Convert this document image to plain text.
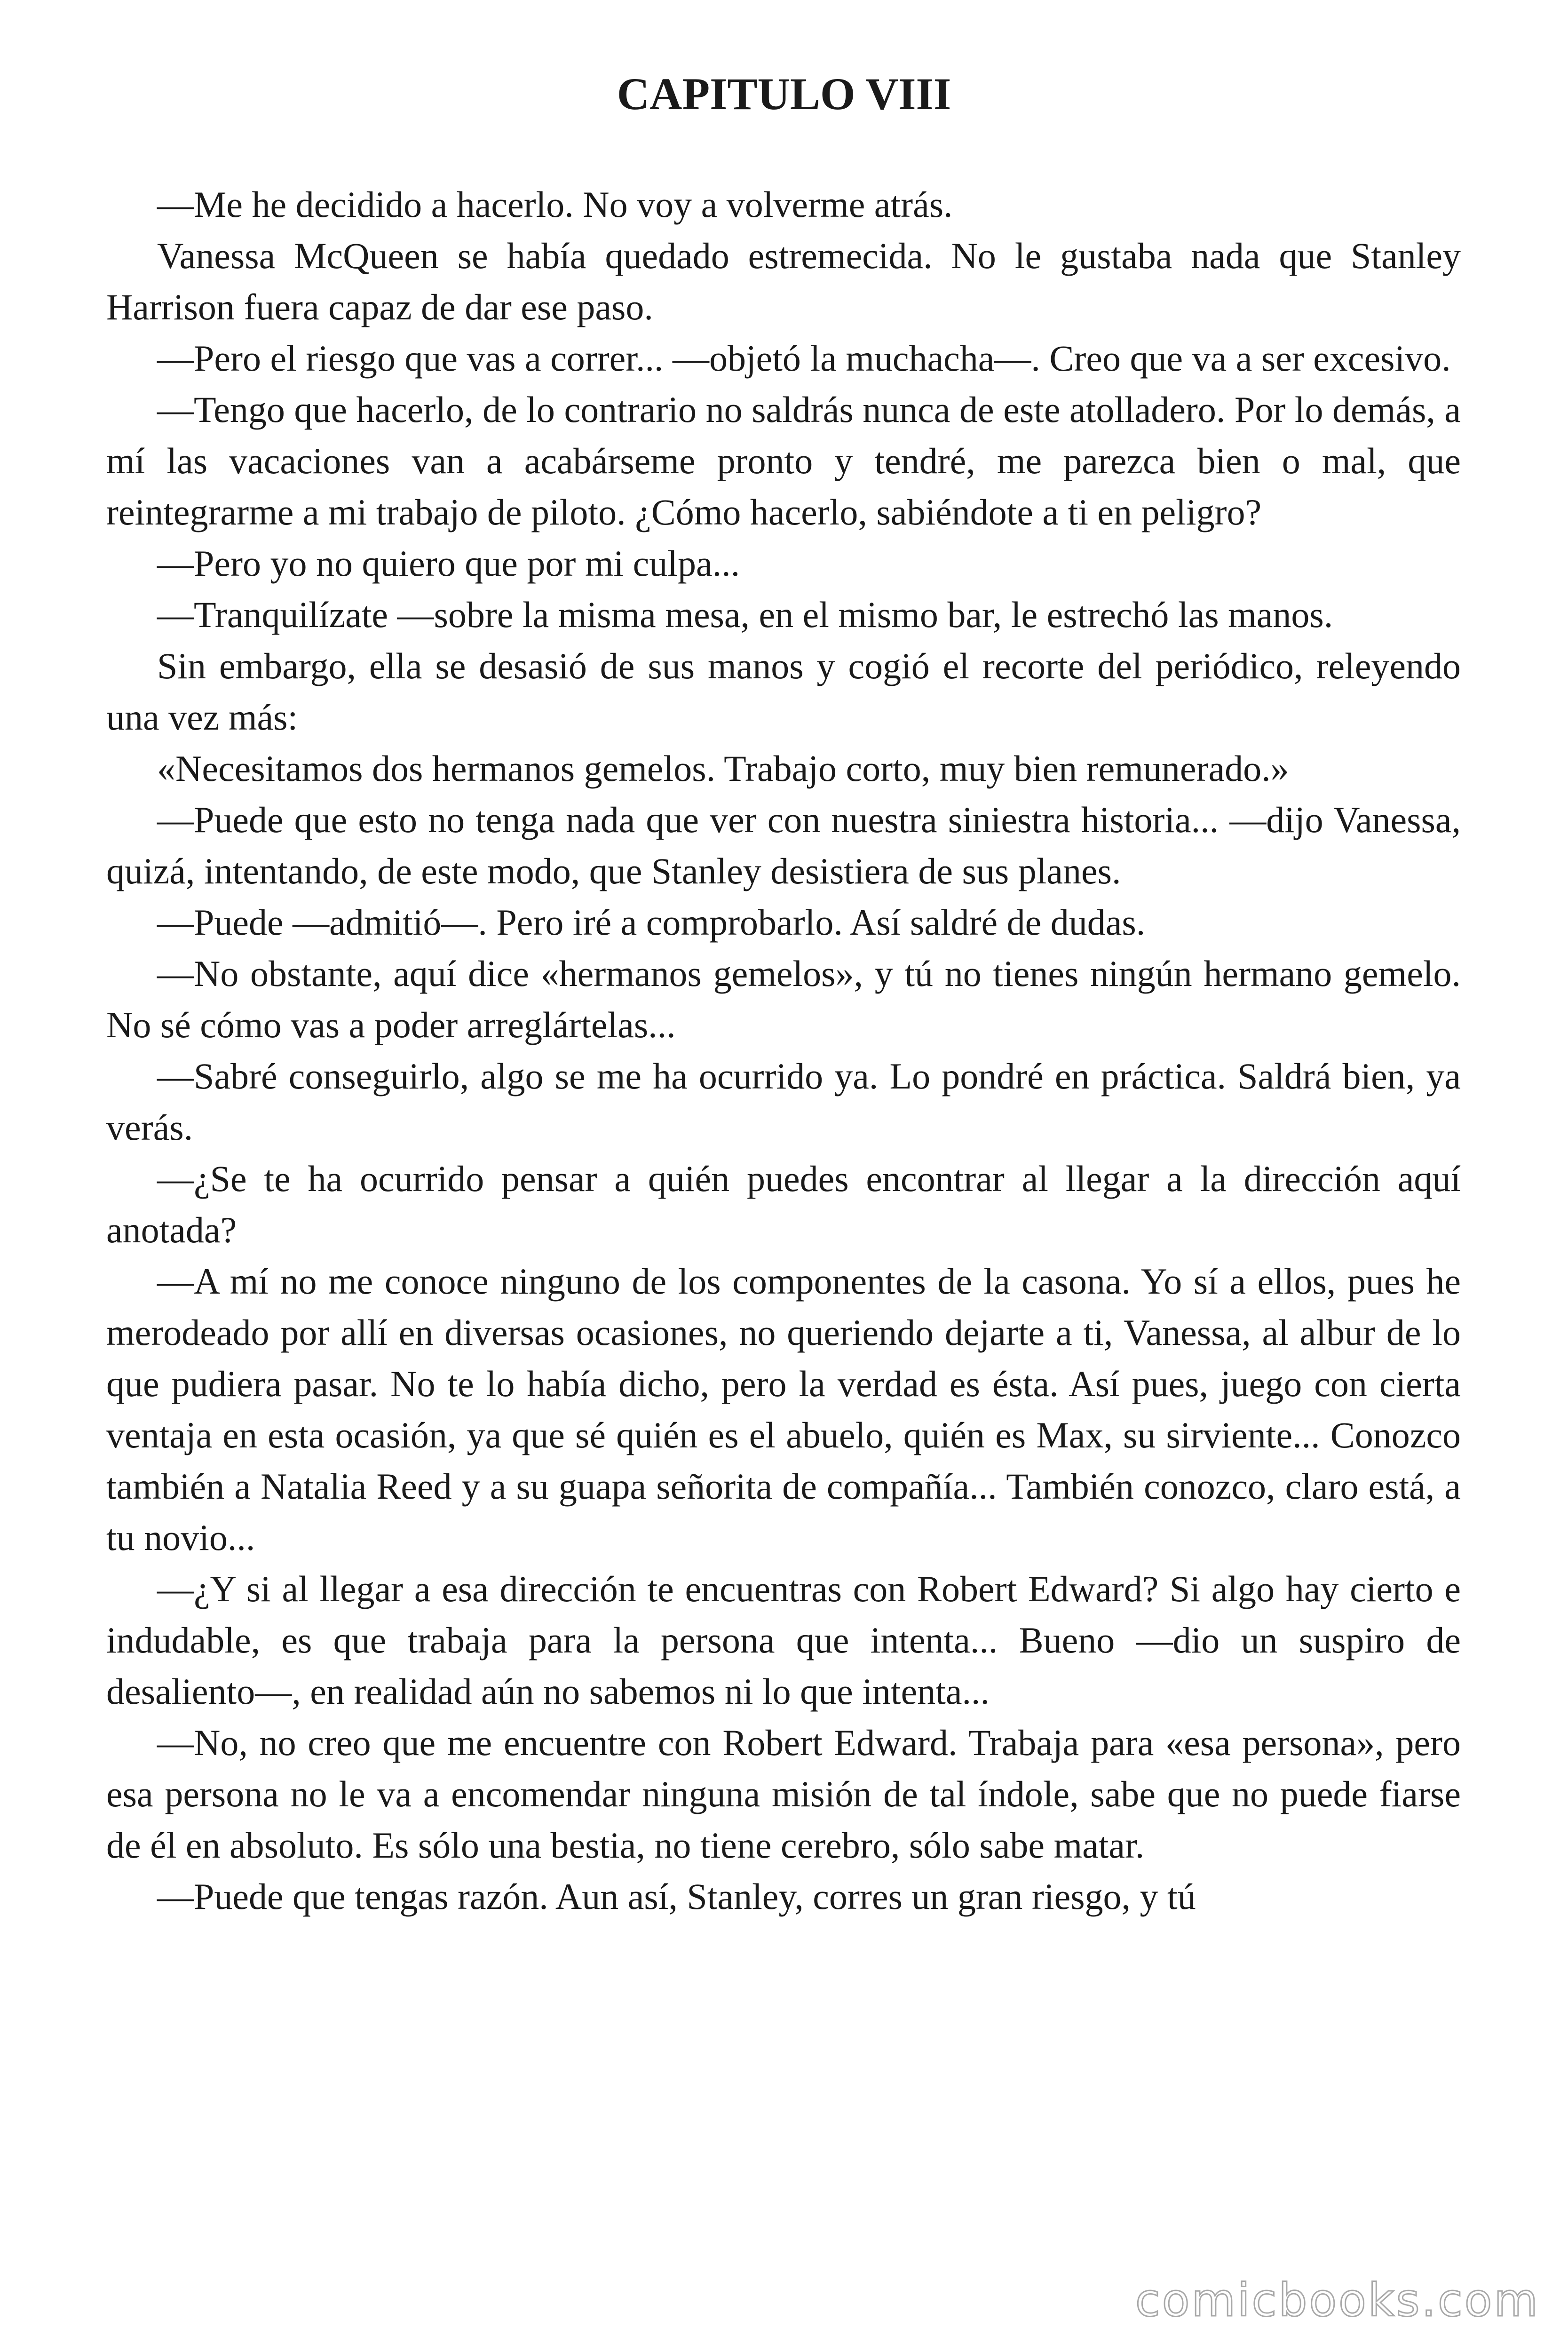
CAPITULO VIII

—Me he decidido a hacerlo. No voy a volverme atrás.

Vanessa McQueen se había quedado estremecida. No le gustaba nada que Stanley Harrison fuera capaz de dar ese paso.

—Pero el riesgo que vas a correr... —objetó la muchacha—. Creo que va a ser excesivo.

—Tengo que hacerlo, de lo contrario no saldrás nunca de este atolladero. Por lo demás, a mí las vacaciones van a acabárseme pronto y tendré, me parezca bien o mal, que reintegrarme a mi trabajo de piloto. ¿Cómo hacerlo, sabiéndote a ti en peligro?

—Pero yo no quiero que por mi culpa...

—Tranquilízate —sobre la misma mesa, en el mismo bar, le estrechó las manos.

Sin embargo, ella se desasió de sus manos y cogió el recorte del periódico, releyendo una vez más:

«Necesitamos dos hermanos gemelos. Trabajo corto, muy bien remunerado.»

—Puede que esto no tenga nada que ver con nuestra siniestra historia... —dijo Vanessa, quizá, intentando, de este modo, que Stanley desistiera de sus planes.

—Puede —admitió—. Pero iré a comprobarlo. Así saldré de dudas.

—No obstante, aquí dice «hermanos gemelos», y tú no tienes ningún hermano gemelo. No sé cómo vas a poder arreglártelas...

—Sabré conseguirlo, algo se me ha ocurrido ya. Lo pondré en práctica. Saldrá bien, ya verás.

—¿Se te ha ocurrido pensar a quién puedes encontrar al llegar a la dirección aquí anotada?

—A mí no me conoce ninguno de los componentes de la casona. Yo sí a ellos, pues he merodeado por allí en diversas ocasiones, no queriendo dejarte a ti, Vanessa, al albur de lo que pudiera pasar. No te lo había dicho, pero la verdad es ésta. Así pues, juego con cierta ventaja en esta ocasión, ya que sé quién es el abuelo, quién es Max, su sirviente... Conozco también a Natalia Reed y a su guapa señorita de compañía... También conozco, claro está, a tu novio...

—¿Y si al llegar a esa dirección te encuentras con Robert Edward? Si algo hay cierto e indudable, es que trabaja para la persona que intenta... Bueno —dio un suspiro de desaliento—, en realidad aún no sabemos ni lo que intenta...

—No, no creo que me encuentre con Robert Edward. Trabaja para «esa persona», pero esa persona no le va a encomendar ninguna misión de tal índole, sabe que no puede fiarse de él en absoluto. Es sólo una bestia, no tiene cerebro, sólo sabe matar.

—Puede que tengas razón. Aun así, Stanley, corres un gran riesgo, y tú

comicbooks.com
